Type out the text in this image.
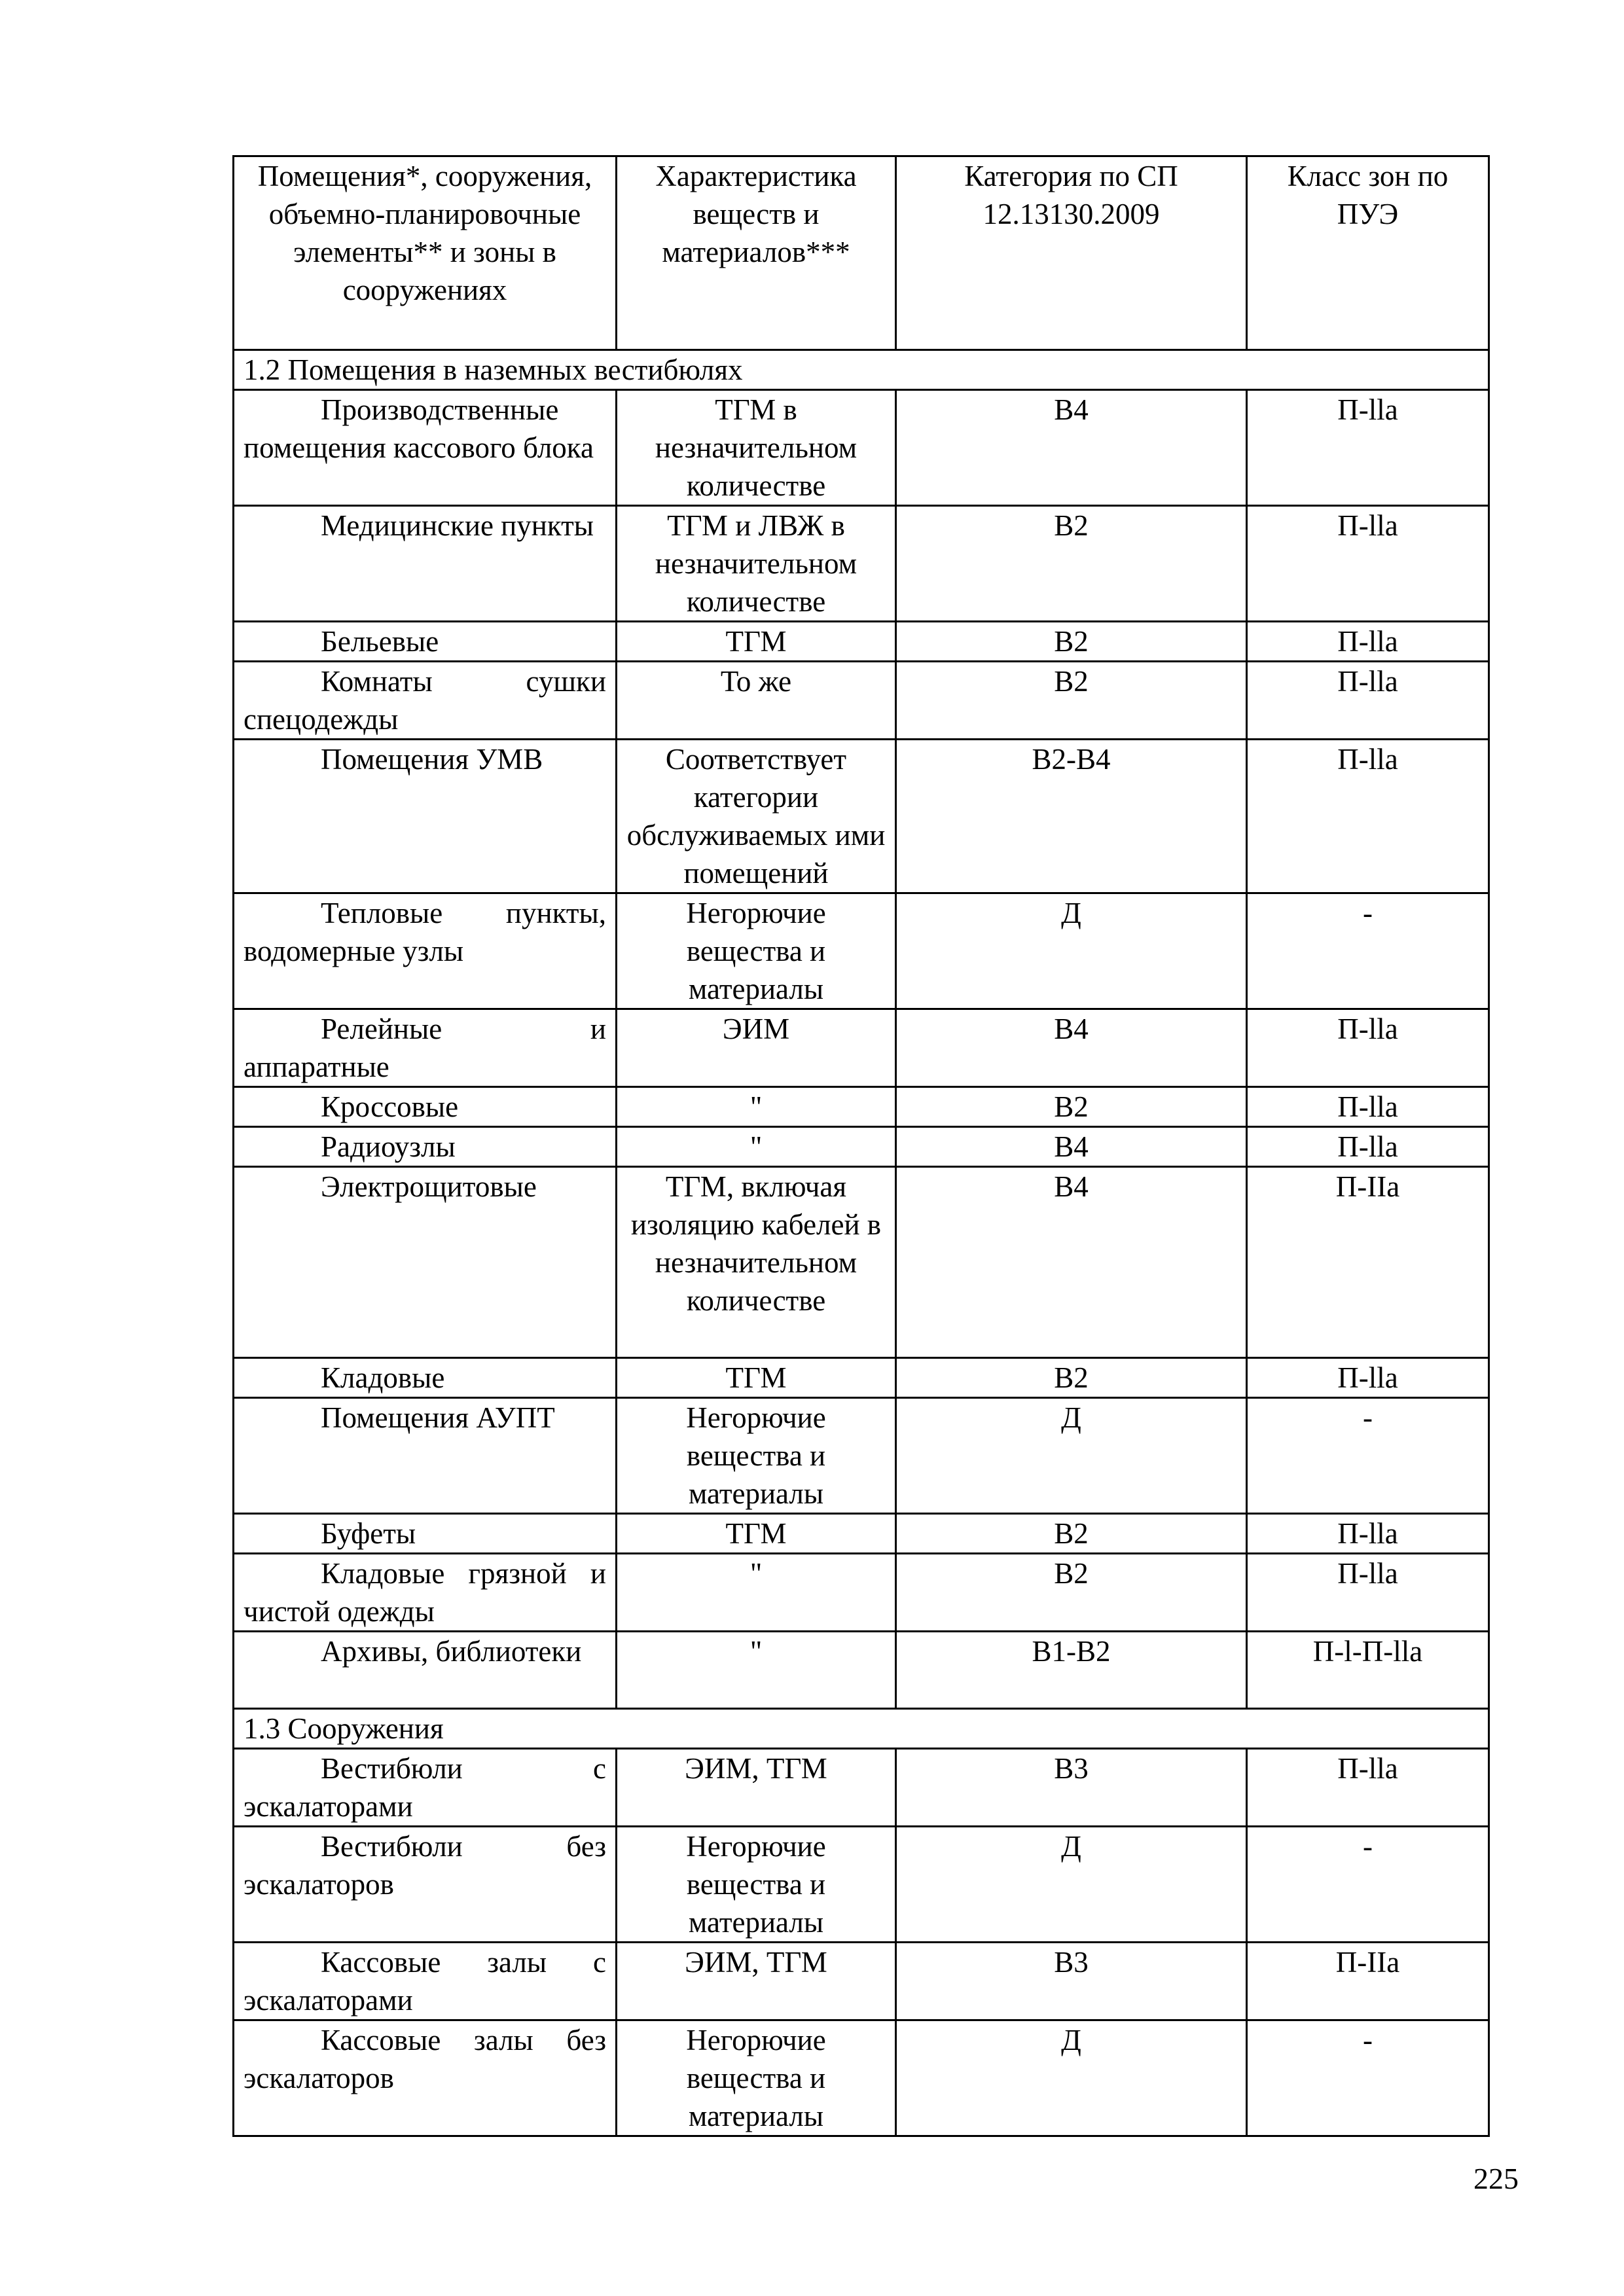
Помещения*, сооружения, объемно-планировочные элементы** и зоны в сооружениях	Характеристика веществ и материалов***	Категория по СП 12.13130.2009	Класс зон по ПУЭ
1.2 Помещения в наземных вестибюлях			
Производственные помещения кассового блока	ТГМ в незначительном количестве	В4	П-llа
Медицинские пункты	ТГМ и ЛВЖ в незначительном количестве	В2	П-llа
Бельевые	ТГМ	В2	П-llа
Комнаты сушки спецодежды	То же	В2	П-llа
Помещения УМВ	Соответствует категории обслуживаемых ими помещений	В2-В4	П-llа
Тепловые пункты, водомерные узлы	Негорючие вещества и материалы	Д	-
Релейные и аппаратные	ЭИМ	В4	П-llа
Кроссовые	"	В2	П-llа
Радиоузлы	"	В4	П-llа
Электрощитовые	ТГМ, включая изоляцию кабелей в незначительном количестве	В4	П-IIа
Кладовые	ТГМ	В2	П-llа
Помещения АУПТ	Негорючие вещества и материалы	Д	-
Буфеты	ТГМ	В2	П-llа
Кладовые грязной и чистой одежды	"	В2	П-llа
Архивы, библиотеки	"	В1-В2	П-l-П-llа
1.3 Сооружения			
Вестибюли с эскалаторами	ЭИМ, ТГМ	В3	П-llа
Вестибюли без эскалаторов	Негорючие вещества и материалы	Д	-
Кассовые залы с эскалаторами	ЭИМ, ТГМ	В3	П-IIа
Кассовые залы без эскалаторов	Негорючие вещества и материалы	Д	-
225
